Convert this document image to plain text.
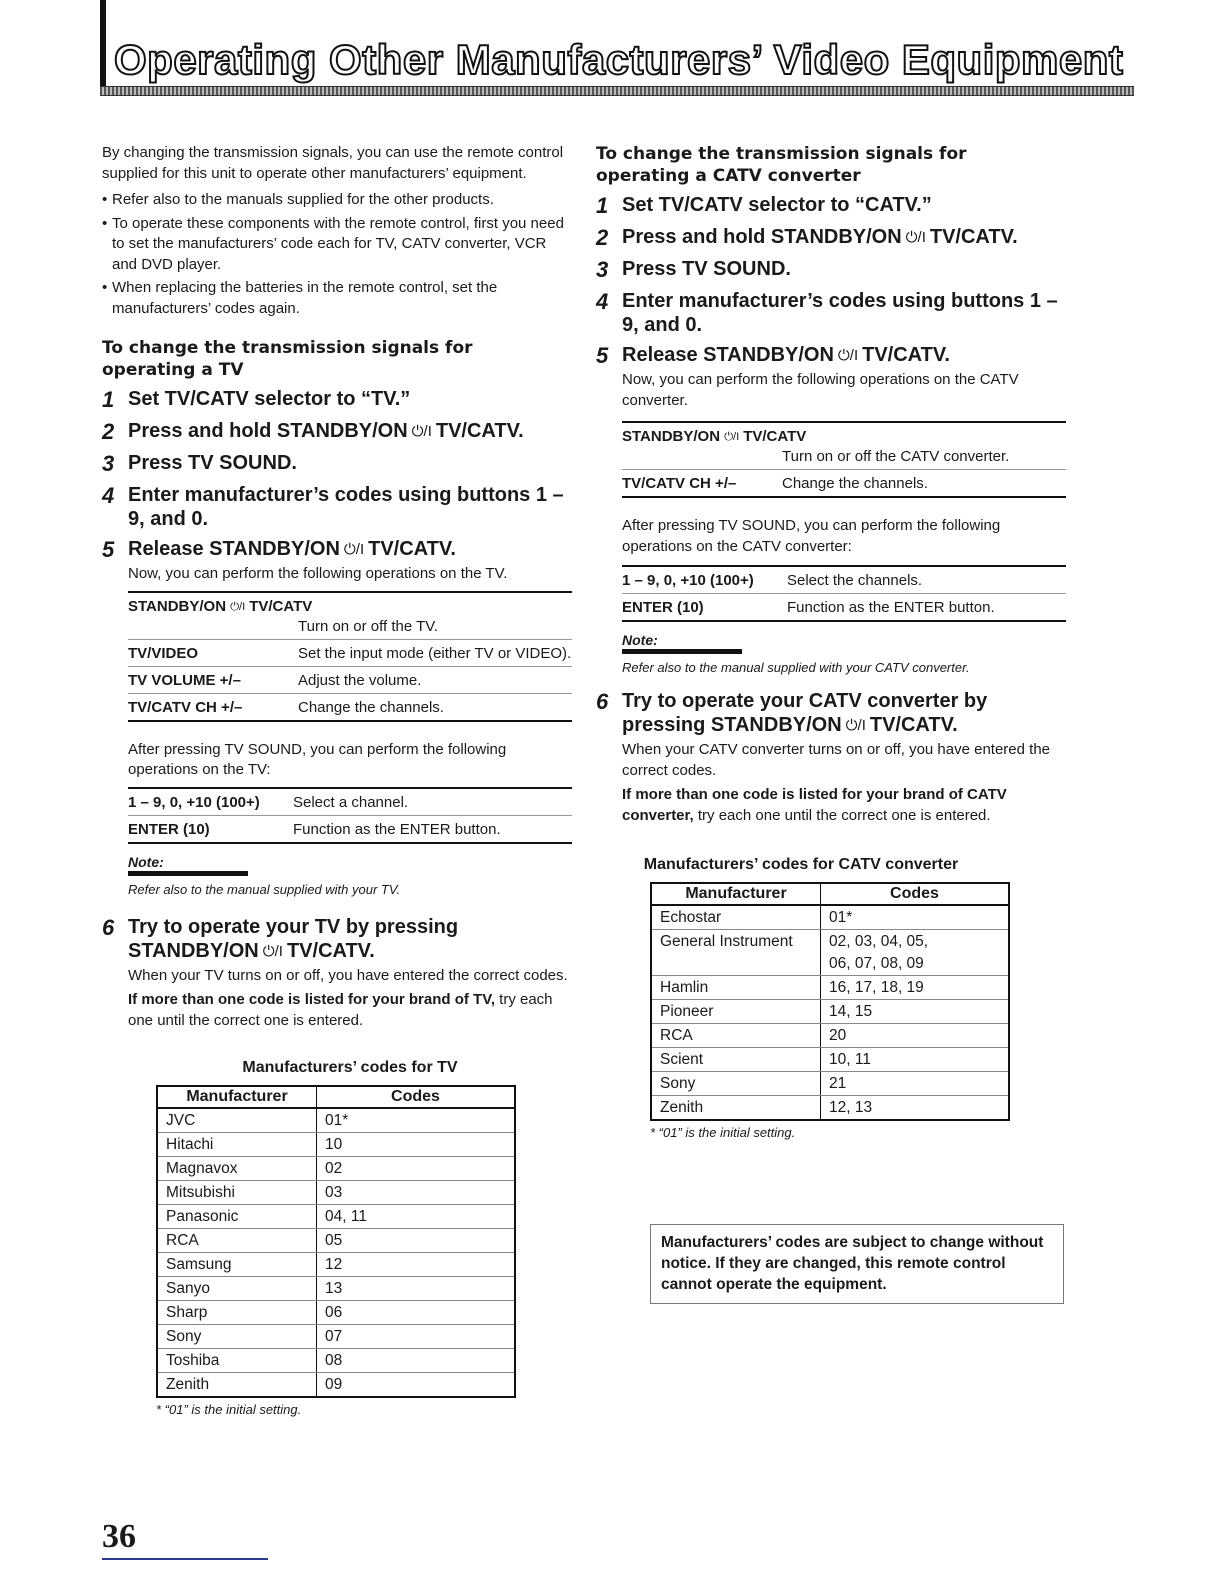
Operating Other Manufacturers’ Video Equipment

By changing the transmission signals, you can use the remote control supplied for this unit to operate other manufacturers’ equipment.

• Refer also to the manuals supplied for the other products.
• To operate these components with the remote control, first you need to set the manufacturers’ code each for TV, CATV converter, VCR and DVD player.
• When replacing the batteries in the remote control, set the manufacturers’ codes again.
To change the transmission signals for operating a TV
1 Set TV/CATV selector to “TV.”
2 Press and hold STANDBY/ON ⏻/I TV/CATV.
3 Press TV SOUND.
4 Enter manufacturer’s codes using buttons 1 – 9, and 0.
5 Release STANDBY/ON ⏻/I TV/CATV.
Now, you can perform the following operations on the TV.
STANDBY/ON ⏻/I TV/CATV
Turn on or off the TV.	
TV/VIDEO	Set the input mode (either TV or VIDEO).
TV VOLUME +/–	Adjust the volume.
TV/CATV CH +/–	Change the channels.
After pressing TV SOUND, you can perform the following operations on the TV:
1 – 9, 0, +10 (100+)	Select a channel.
ENTER (10)	Function as the ENTER button.
Note:
Refer also to the manual supplied with your TV.
6 Try to operate your TV by pressing STANDBY/ON ⏻/I TV/CATV.
When your TV turns on or off, you have entered the correct codes.
If more than one code is listed for your brand of TV, try each one until the correct one is entered.
Manufacturers’ codes for TV
Manufacturer	Codes
JVC	01*
Hitachi	10
Magnavox	02
Mitsubishi	03
Panasonic	04, 11
RCA	05
Samsung	12
Sanyo	13
Sharp	06
Sony	07
Toshiba	08
Zenith	09
* “01” is the initial setting.
To change the transmission signals for operating a CATV converter
1 Set TV/CATV selector to “CATV.”
2 Press and hold STANDBY/ON ⏻/I TV/CATV.
3 Press TV SOUND.
4 Enter manufacturer’s codes using buttons 1 – 9, and 0.
5 Release STANDBY/ON ⏻/I TV/CATV.
Now, you can perform the following operations on the CATV converter.
STANDBY/ON ⏻/I TV/CATV
Turn on or off the CATV converter.
TV/CATV CH +/–	Change the channels.
After pressing TV SOUND, you can perform the following operations on the CATV converter:
1 – 9, 0, +10 (100+)	Select the channels.
ENTER (10)	Function as the ENTER button.
Note:
Refer also to the manual supplied with your CATV converter.
6 Try to operate your CATV converter by pressing STANDBY/ON ⏻/I TV/CATV.
When your CATV converter turns on or off, you have entered the correct codes.
If more than one code is listed for your brand of CATV converter, try each one until the correct one is entered.
Manufacturers’ codes for CATV converter
Manufacturer	Codes
Echostar	01*
General Instrument	02, 03, 04, 05,
06, 07, 08, 09
Hamlin	16, 17, 18, 19
Pioneer	14, 15
RCA	20
Scient	10, 11
Sony	21
Zenith	12, 13
* “01” is the initial setting.
Manufacturers’ codes are subject to change without notice. If they are changed, this remote control cannot operate the equipment.
36
